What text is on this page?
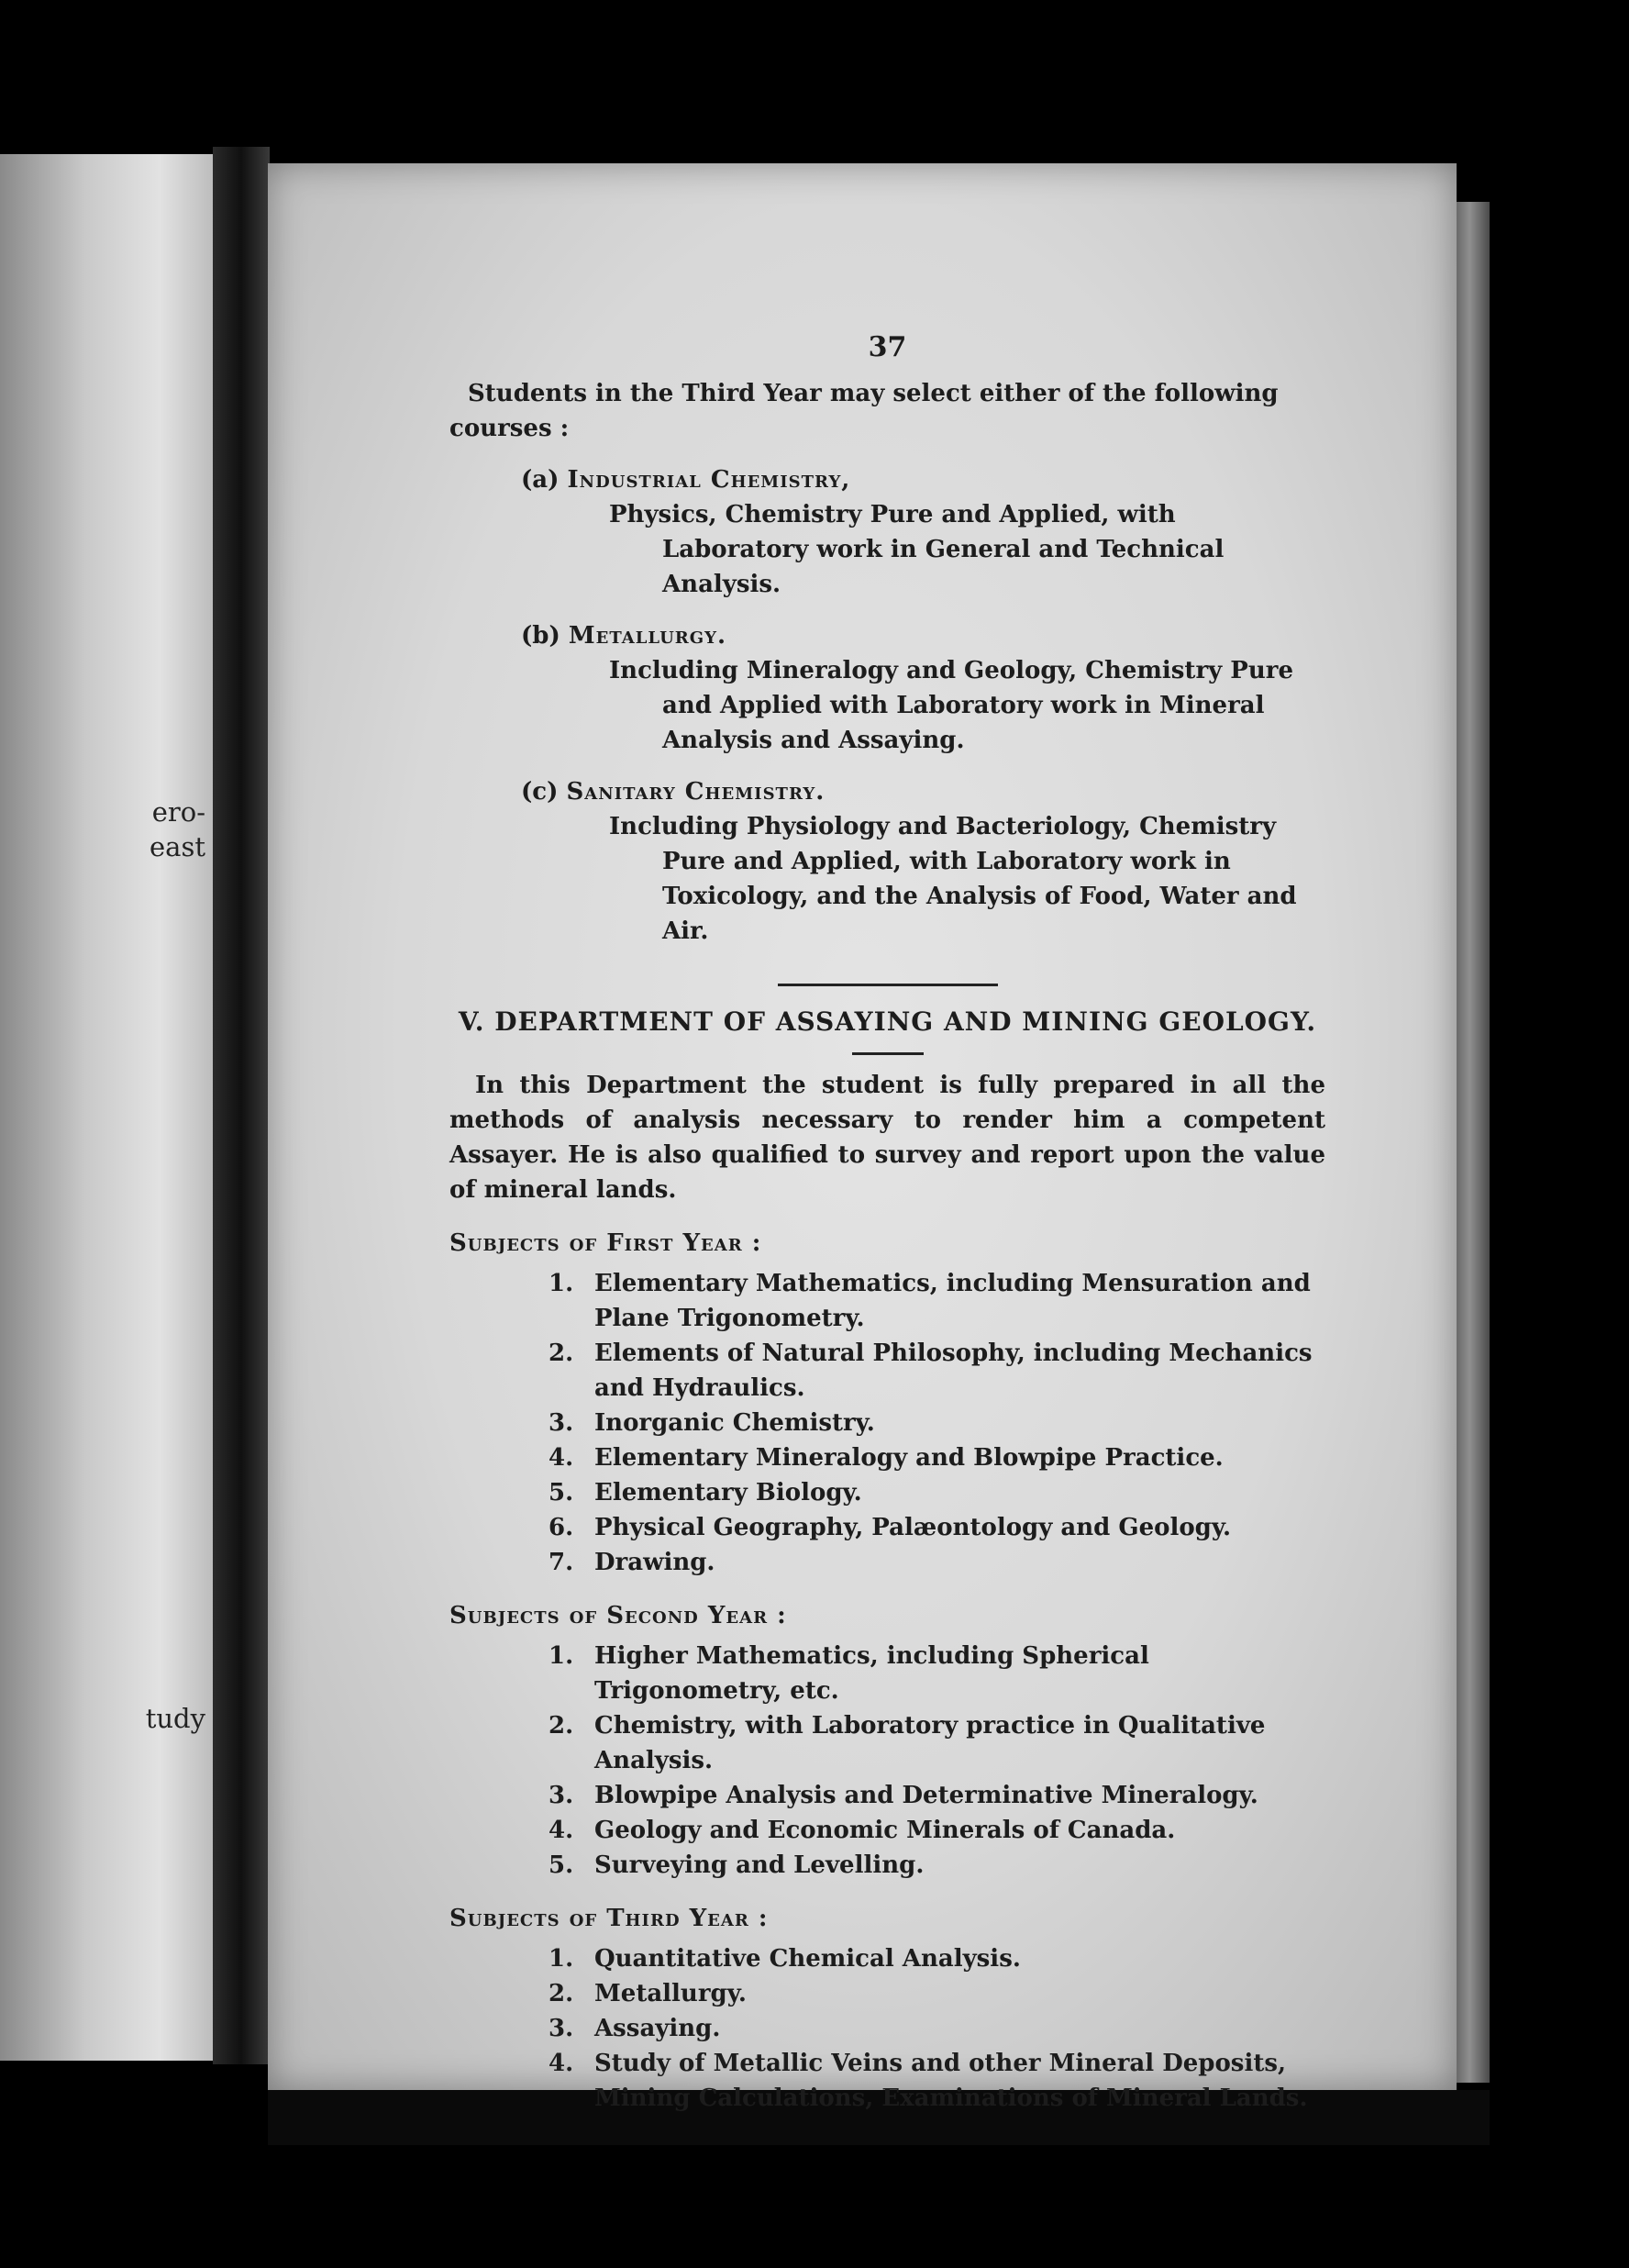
ero-
east
tudy
37

Students in the Third Year may select either of the following courses :

(a) Industrial Chemistry,

Physics, Chemistry Pure and Applied, with Laboratory work in General and Technical Analysis.

(b) Metallurgy.

Including Mineralogy and Geology, Chemistry Pure and Applied with Laboratory work in Mineral Analysis and Assaying.

(c) Sanitary Chemistry.

Including Physiology and Bacteriology, Chemistry Pure and Applied, with Laboratory work in Toxicology, and the Analysis of Food, Water and Air.

V. DEPARTMENT OF ASSAYING AND MINING GEOLOGY.

In this Department the student is fully prepared in all the methods of analysis necessary to render him a competent Assayer. He is also qualified to survey and report upon the value of mineral lands.

Subjects of First Year :

1. Elementary Mathematics, including Mensuration and Plane Trigonometry.
2. Elements of Natural Philosophy, including Mechanics and Hydraulics.
3. Inorganic Chemistry.
4. Elementary Mineralogy and Blowpipe Practice.
5. Elementary Biology.
6. Physical Geography, Palæontology and Geology.
7. Drawing.

Subjects of Second Year :

1. Higher Mathematics, including Spherical Trigonometry, etc.
2. Chemistry, with Laboratory practice in Qualitative Analysis.
3. Blowpipe Analysis and Determinative Mineralogy.
4. Geology and Economic Minerals of Canada.
5. Surveying and Levelling.

Subjects of Third Year :

1. Quantitative Chemical Analysis.
2. Metallurgy.
3. Assaying.
4. Study of Metallic Veins and other Mineral Deposits, Mining Calculations, Examinations of Mineral Lands.
